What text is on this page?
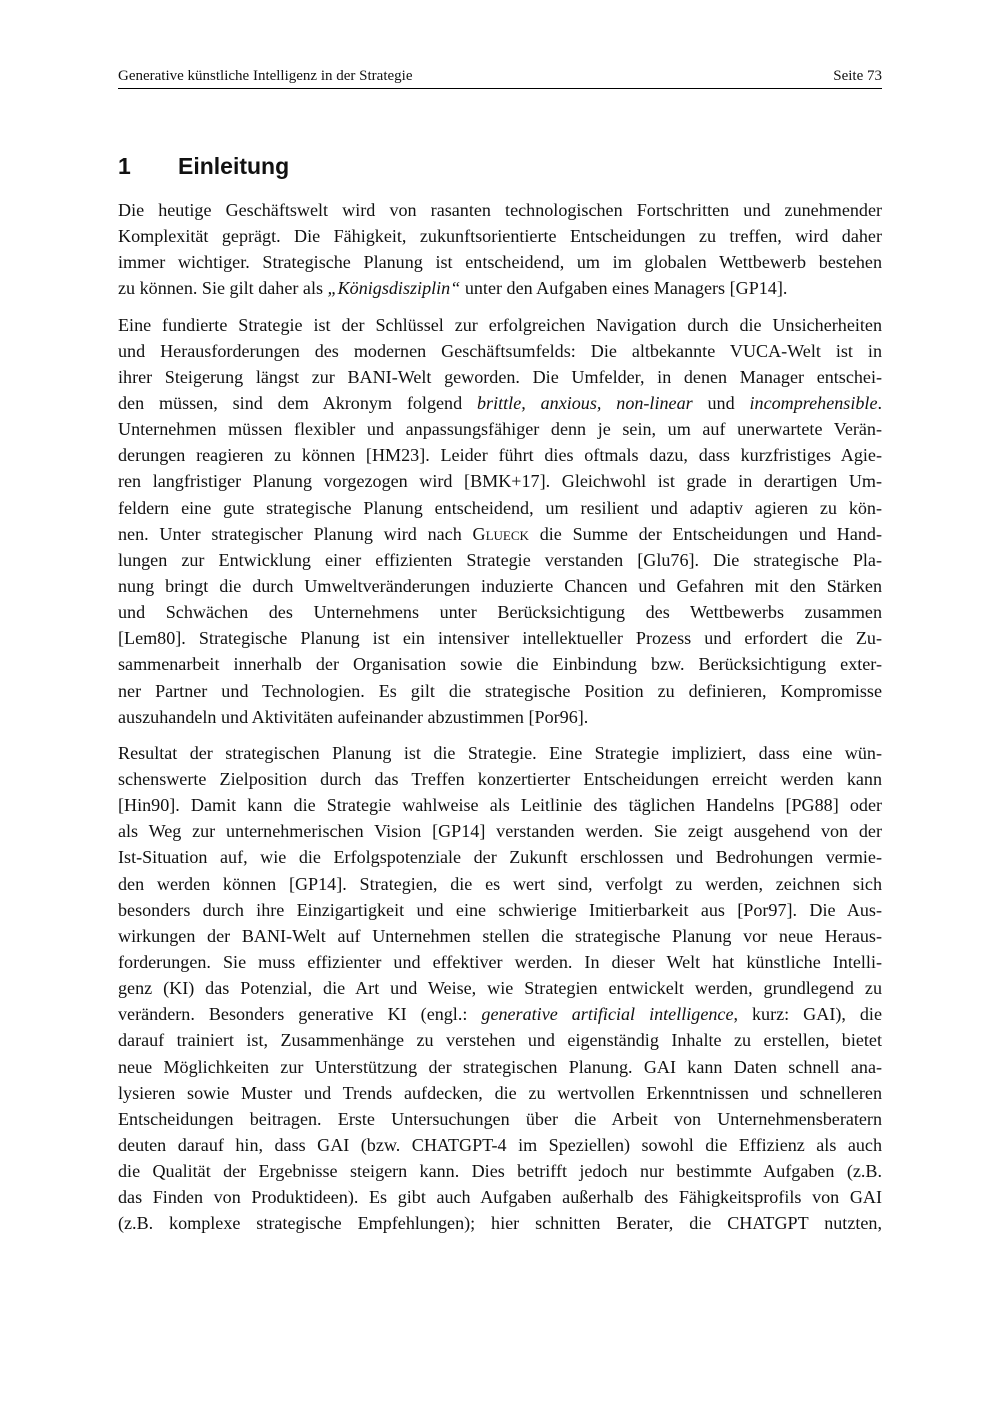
Generative künstliche Intelligenz in der Strategie	Seite 73
1 Einleitung
Die heutige Geschäftswelt wird von rasanten technologischen Fortschritten und zunehmender
Komplexität geprägt. Die Fähigkeit, zukunftsorientierte Entscheidungen zu treffen, wird daher
immer wichtiger. Strategische Planung ist entscheidend, um im globalen Wettbewerb bestehen
zu können. Sie gilt daher als „Königsdisziplin“ unter den Aufgaben eines Managers [GP14].
Eine fundierte Strategie ist der Schlüssel zur erfolgreichen Navigation durch die Unsicherheiten
und Herausforderungen des modernen Geschäftsumfelds: Die altbekannte VUCA-Welt ist in
ihrer Steigerung längst zur BANI-Welt geworden. Die Umfelder, in denen Manager entschei-
den müssen, sind dem Akronym folgend brittle, anxious, non-linear und incomprehensible.
Unternehmen müssen flexibler und anpassungsfähiger denn je sein, um auf unerwartete Verän-
derungen reagieren zu können [HM23]. Leider führt dies oftmals dazu, dass kurzfristiges Agie-
ren langfristiger Planung vorgezogen wird [BMK+17]. Gleichwohl ist grade in derartigen Um-
feldern eine gute strategische Planung entscheidend, um resilient und adaptiv agieren zu kön-
nen. Unter strategischer Planung wird nach Glueck die Summe der Entscheidungen und Hand-
lungen zur Entwicklung einer effizienten Strategie verstanden [Glu76]. Die strategische Pla-
nung bringt die durch Umweltveränderungen induzierte Chancen und Gefahren mit den Stärken
und Schwächen des Unternehmens unter Berücksichtigung des Wettbewerbs zusammen
[Lem80]. Strategische Planung ist ein intensiver intellektueller Prozess und erfordert die Zu-
sammenarbeit innerhalb der Organisation sowie die Einbindung bzw. Berücksichtigung exter-
ner Partner und Technologien. Es gilt die strategische Position zu definieren, Kompromisse
auszuhandeln und Aktivitäten aufeinander abzustimmen [Por96].
Resultat der strategischen Planung ist die Strategie. Eine Strategie impliziert, dass eine wün-
schenswerte Zielposition durch das Treffen konzertierter Entscheidungen erreicht werden kann
[Hin90]. Damit kann die Strategie wahlweise als Leitlinie des täglichen Handelns [PG88] oder
als Weg zur unternehmerischen Vision [GP14] verstanden werden. Sie zeigt ausgehend von der
Ist-Situation auf, wie die Erfolgspotenziale der Zukunft erschlossen und Bedrohungen vermie-
den werden können [GP14]. Strategien, die es wert sind, verfolgt zu werden, zeichnen sich
besonders durch ihre Einzigartigkeit und eine schwierige Imitierbarkeit aus [Por97]. Die Aus-
wirkungen der BANI-Welt auf Unternehmen stellen die strategische Planung vor neue Heraus-
forderungen. Sie muss effizienter und effektiver werden. In dieser Welt hat künstliche Intelli-
genz (KI) das Potenzial, die Art und Weise, wie Strategien entwickelt werden, grundlegend zu
verändern. Besonders generative KI (engl.: generative artificial intelligence, kurz: GAI), die
darauf trainiert ist, Zusammenhänge zu verstehen und eigenständig Inhalte zu erstellen, bietet
neue Möglichkeiten zur Unterstützung der strategischen Planung. GAI kann Daten schnell ana-
lysieren sowie Muster und Trends aufdecken, die zu wertvollen Erkenntnissen und schnelleren
Entscheidungen beitragen. Erste Untersuchungen über die Arbeit von Unternehmensberatern
deuten darauf hin, dass GAI (bzw. CHATGPT-4 im Speziellen) sowohl die Effizienz als auch
die Qualität der Ergebnisse steigern kann. Dies betrifft jedoch nur bestimmte Aufgaben (z.B.
das Finden von Produktideen). Es gibt auch Aufgaben außerhalb des Fähigkeitsprofils von GAI
(z.B. komplexe strategische Empfehlungen); hier schnitten Berater, die CHATGPT nutzten,
